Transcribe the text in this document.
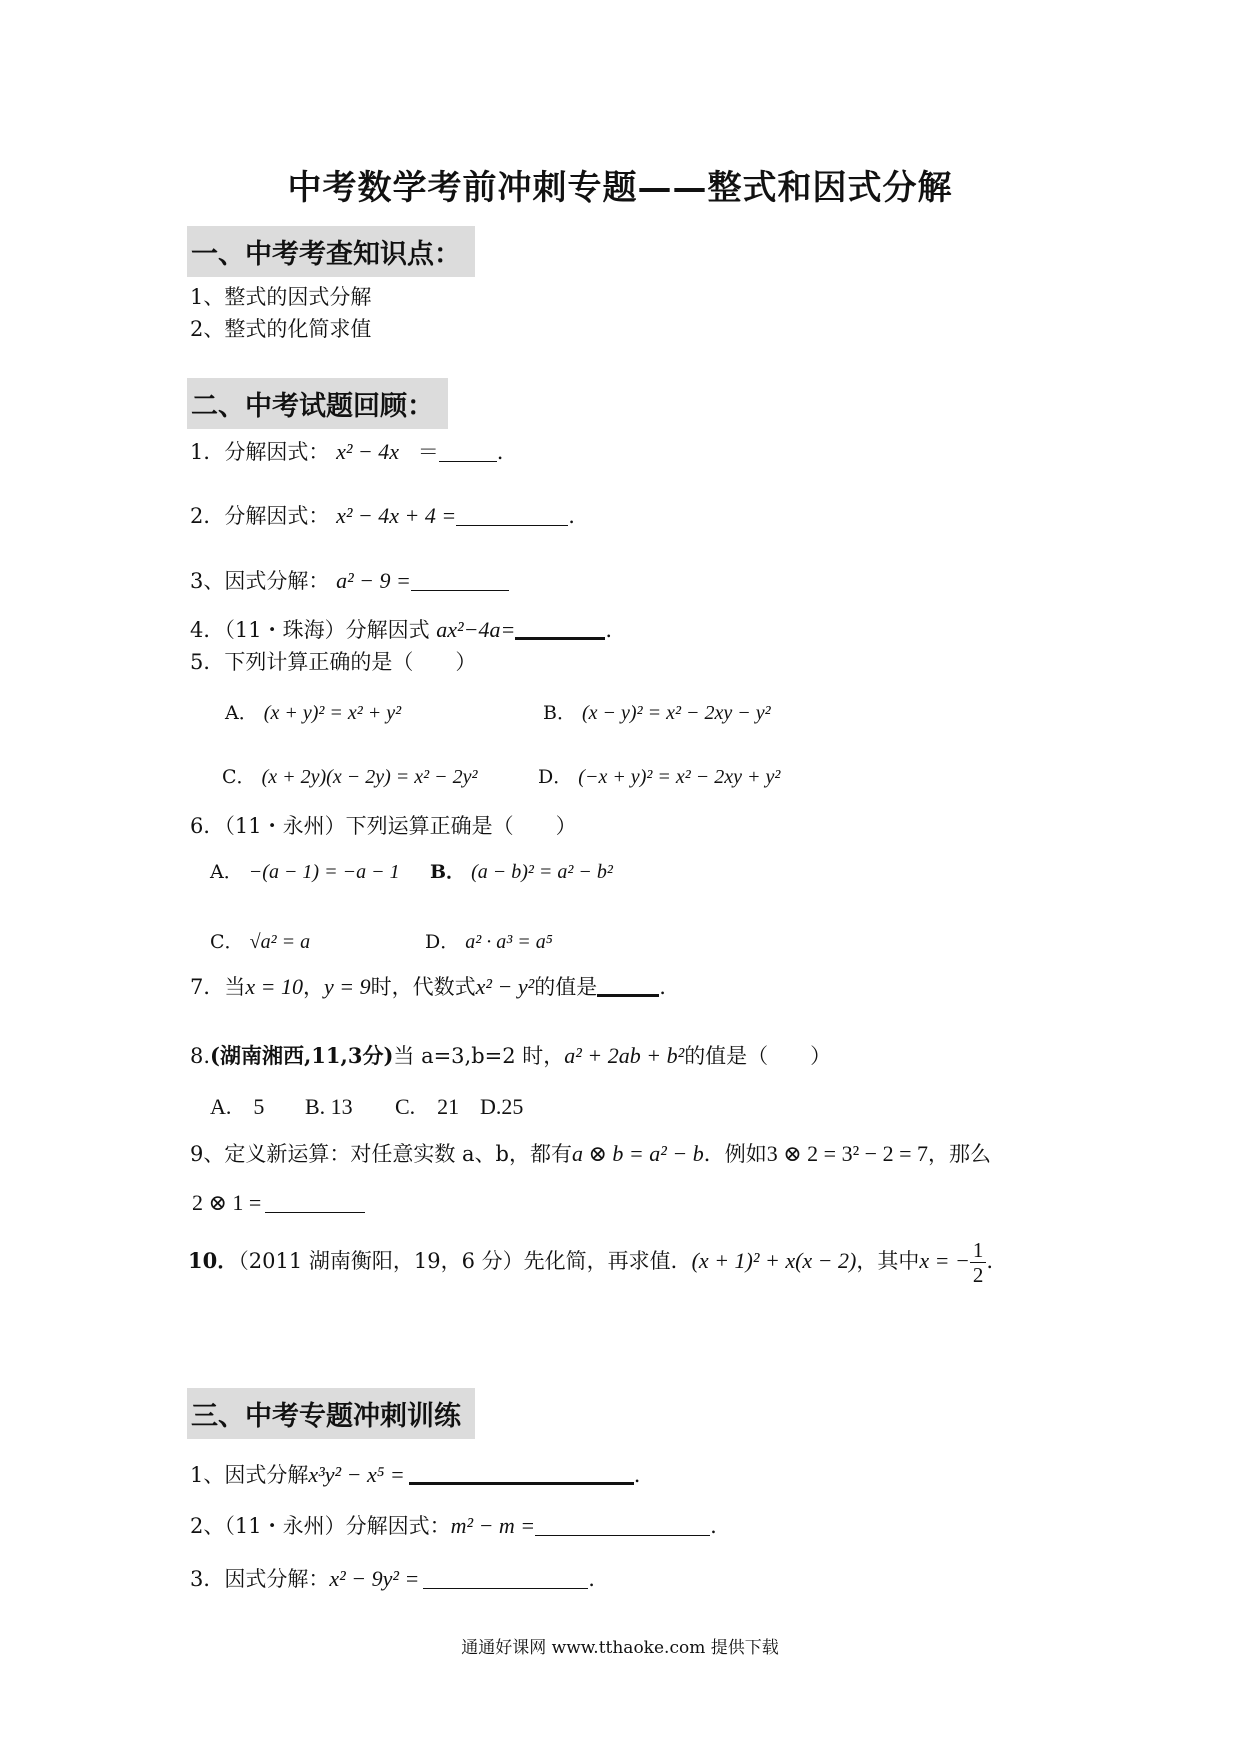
中考数学考前冲刺专题——整式和因式分解
一、中考考查知识点：
1、整式的因式分解
2、整式的化简求值
二、中考试题回顾：
1．分解因式： x² − 4x ＝	.
2．分解因式： x² − 4x + 4 =	.
3、因式分解： a² − 9 =
4．（11・珠海）分解因式 ax²−4a=	.
5．下列计算正确的是（　　）
A． (x + y)² = x² + y²	B． (x − y)² = x² − 2xy − y²
C． (x + 2y)(x − 2y) = x² − 2y²	D． (−x + y)² = x² − 2xy + y²
6．（11・永州）下列运算正确是（　　）
A． −(a − 1) = −a − 1 B． (a − b)² = a² − b²
C． √a² = a	D． a² · a³ = a⁵
7．当x = 10，y = 9时，代数式x² − y²的值是	.
8.(湖南湘西,11,3分)当 a=3,b=2 时，a² + 2ab + b²的值是（　　）
A.　5 B. 13 C.　21 D.25
9、定义新运算：对任意实数 a、b，都有a ⊗ b = a² − b．例如3 ⊗ 2 = 3² − 2 = 7，那么
2 ⊗ 1 =
10．（2011 湖南衡阳，19，6 分）先化简，再求值．(x + 1)² + x(x − 2)，其中x = − $\frac{1}{2}$ .
三、中考专题冲刺训练
1、因式分解x³y² − x⁵ =	.
2、（11・永州）分解因式：m² − m =	.
3．因式分解：x² − 9y² =	.
通通好课网 www.tthaoke.com 提供下载
